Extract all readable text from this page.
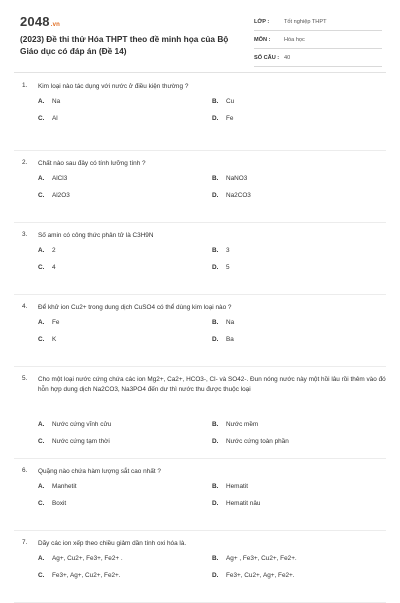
2048.vn
(2023) Đề thi thử Hóa THPT theo đề minh họa của Bộ Giáo dục có đáp án (Đề 14)
LỚP :	Tốt nghiệp THPT
MÔN : Hóa học
SỐ CÂU : 40
1.	Kim loại nào tác dụng với nước ở điều kiện thường ?
A. Na	B. Cu
C. Al	D. Fe
2.	Chất nào sau đây có tính lưỡng tính ?
A. AlCl3	B. NaNO3
C. Al2O3	D. Na2CO3
3.	Số amin có công thức phân tử là C3H9N
A. 2	B. 3
C. 4	D. 5
4.	Để khử ion Cu2+ trong dung dịch CuSO4 có thể dùng kim loại nào ?
A. Fe	B. Na
C. K	D. Ba
5.	Cho một loại nước cứng chứa các ion Mg2+, Ca2+, HCO3-, Cl- và SO42-. Đun nóng nước này một hồi lâu rồi thêm vào đó hỗn hợp dung dịch Na2CO3, Na3PO4 đến dư thì nước thu được thuộc loại
A. Nước cứng vĩnh cửu	B. Nước mềm
C. Nước cứng tạm thời	D. Nước cứng toàn phần
6.	Quặng nào chứa hàm lượng sắt cao nhất ?
A. Manhetit	B. Hematit
C. Boxit	D. Hematit nâu
7.	Dãy các ion xếp theo chiều giảm dần tính oxi hóa là.
A. Ag+, Cu2+, Fe3+, Fe2+ .	B. Ag+ , Fe3+, Cu2+, Fe2+.
C. Fe3+, Ag+, Cu2+, Fe2+.	D. Fe3+, Cu2+, Ag+, Fe2+.
